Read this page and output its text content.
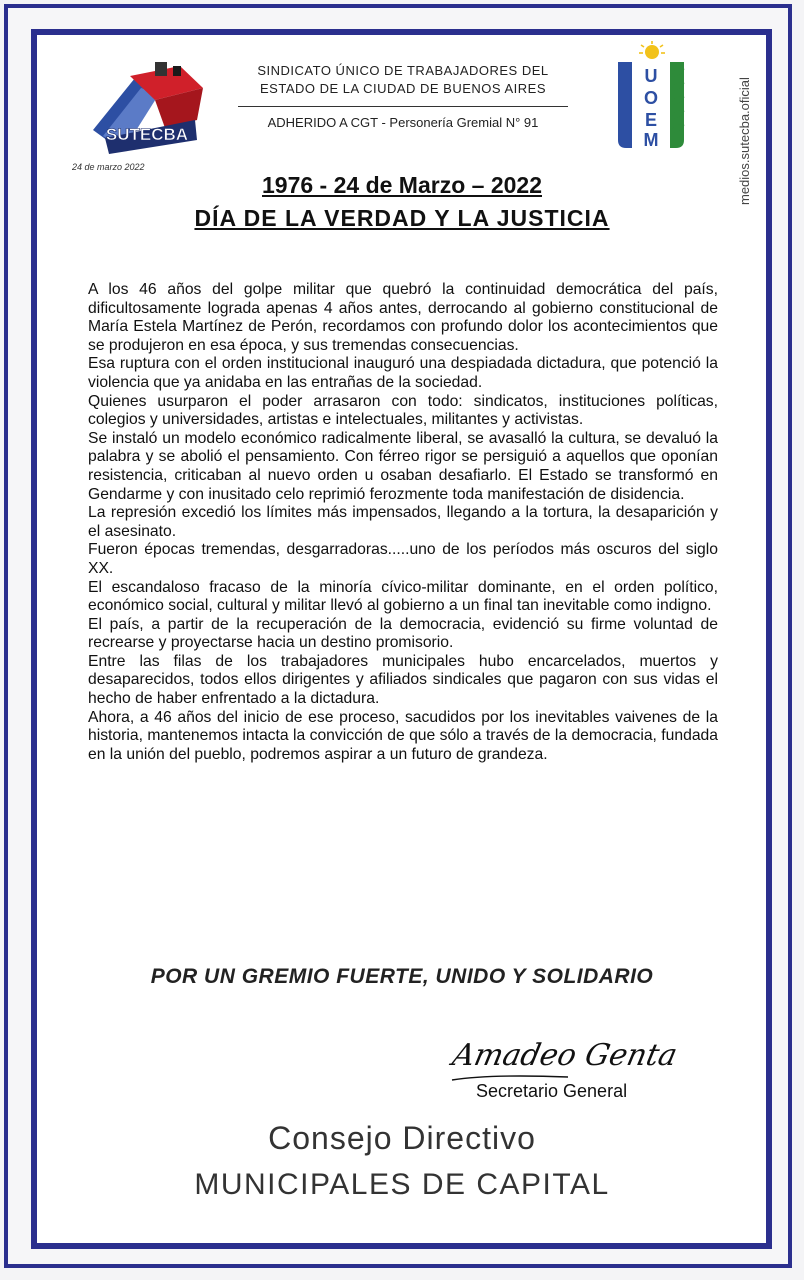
medios.sutecba.oficial
SUTECBA
SINDICATO ÚNICO DE TRABAJADORES DEL
ESTADO DE LA CIUDAD DE BUENOS AIRES
ADHERIDO A CGT - Personería Gremial N° 91
U
O
E
M
24 de marzo 2022
1976 - 24 de Marzo – 2022
DÍA DE LA VERDAD Y LA JUSTICIA

A los 46 años del golpe militar que quebró la continuidad democrática del país, dificultosamente lograda apenas 4 años antes, derrocando al gobierno constitucional de María Estela Martínez de Perón, recordamos con profundo dolor los acontecimientos que se produjeron en esa época, y sus tremendas consecuencias.

Esa ruptura con el orden institucional inauguró una despiadada dictadura, que potenció la violencia que ya anidaba en las entrañas de la sociedad.

Quienes usurparon el poder arrasaron con todo: sindicatos, instituciones políticas, colegios y universidades, artistas e intelectuales, militantes y activistas.

Se instaló un modelo económico radicalmente liberal, se avasalló la cultura, se devaluó la palabra y se abolió el pensamiento. Con férreo rigor se persiguió a aquellos que oponían resistencia, criticaban al nuevo orden u osaban desafiarlo. El Estado se transformó en Gendarme y con inusitado celo reprimió ferozmente toda manifestación de disidencia.

La represión excedió los límites más impensados, llegando a la tortura, la desaparición y el asesinato.

Fueron épocas tremendas, desgarradoras.....uno de los períodos más oscuros del siglo XX.

El escandaloso fracaso de la minoría cívico-militar dominante, en el orden político, económico social, cultural y militar llevó al gobierno a un final tan inevitable como indigno.

El país, a partir de la recuperación de la democracia, evidenció su firme voluntad de recrearse y proyectarse hacia un destino promisorio.

Entre las filas de los trabajadores municipales hubo encarcelados, muertos y desaparecidos, todos ellos dirigentes y afiliados sindicales que pagaron con sus vidas el hecho de haber enfrentado a la dictadura.

Ahora, a 46 años del inicio de ese proceso, sacudidos por los inevitables vaivenes de la historia, mantenemos intacta la convicción de que sólo a través de la democracia, fundada en la unión del pueblo, podremos aspirar a un futuro de grandeza.

POR UN GREMIO FUERTE, UNIDO Y SOLIDARIO
Amadeo Genta
Secretario General
Consejo Directivo
MUNICIPALES DE CAPITAL
